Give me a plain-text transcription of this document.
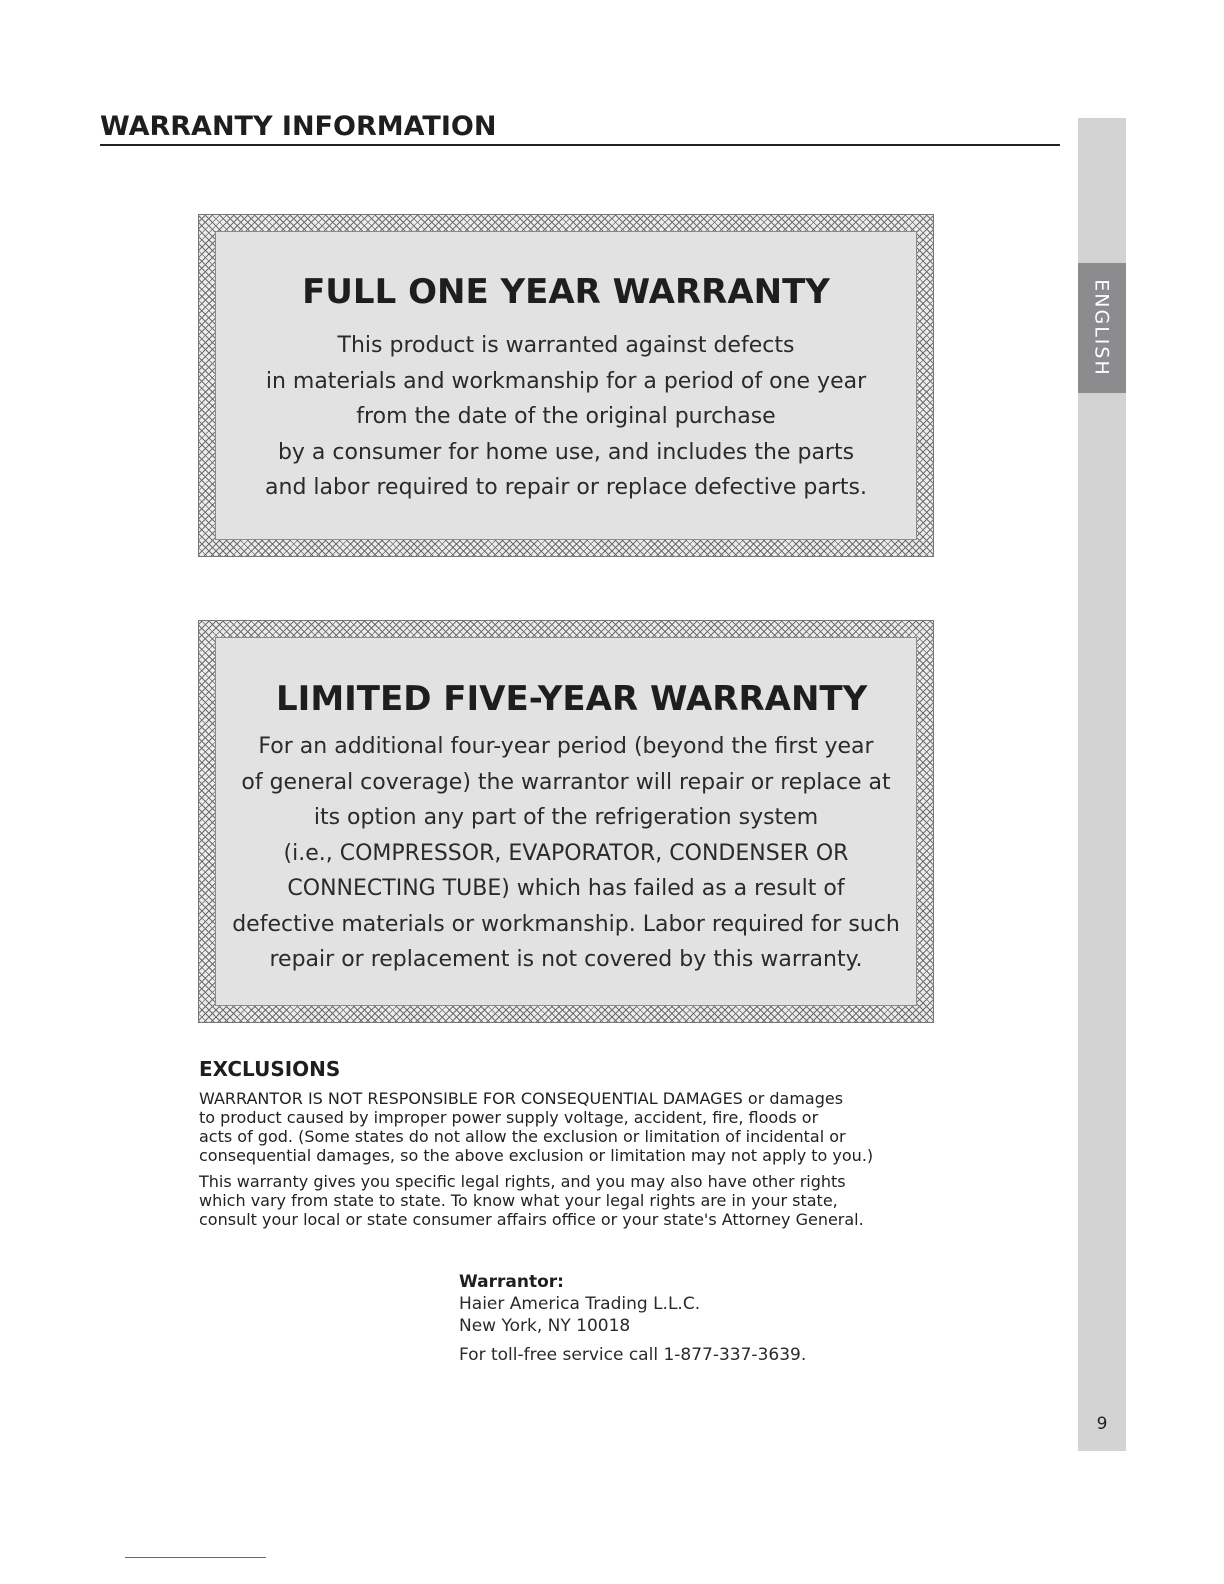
WARRANTY INFORMATION
ENGLISH
9
FULL ONE YEAR WARRANTY
This product is warranted against defects
in materials and workmanship for a period of one year
from the date of the original purchase
by a consumer for home use, and includes the parts
and labor required to repair or replace defective parts.
LIMITED FIVE-YEAR WARRANTY
For an additional four-year period (beyond the first year
of general coverage) the warrantor will repair or replace at
its option any part of the refrigeration system
(i.e., COMPRESSOR, EVAPORATOR, CONDENSER OR
CONNECTING TUBE) which has failed as a result of
defective materials or workmanship. Labor required for such
repair or replacement is not covered by this warranty.
EXCLUSIONS

WARRANTOR IS NOT RESPONSIBLE FOR CONSEQUENTIAL DAMAGES or damages
to product caused by improper power supply voltage, accident, fire, floods or
acts of god. (Some states do not allow the exclusion or limitation of incidental or
consequential damages, so the above exclusion or limitation may not apply to you.)

This warranty gives you specific legal rights, and you may also have other rights
which vary from state to state. To know what your legal rights are in your state,
consult your local or state consumer affairs office or your state's Attorney General.

Warrantor:
Haier America Trading L.L.C.
New York, NY 10018
For toll-free service call 1-877-337-3639.
